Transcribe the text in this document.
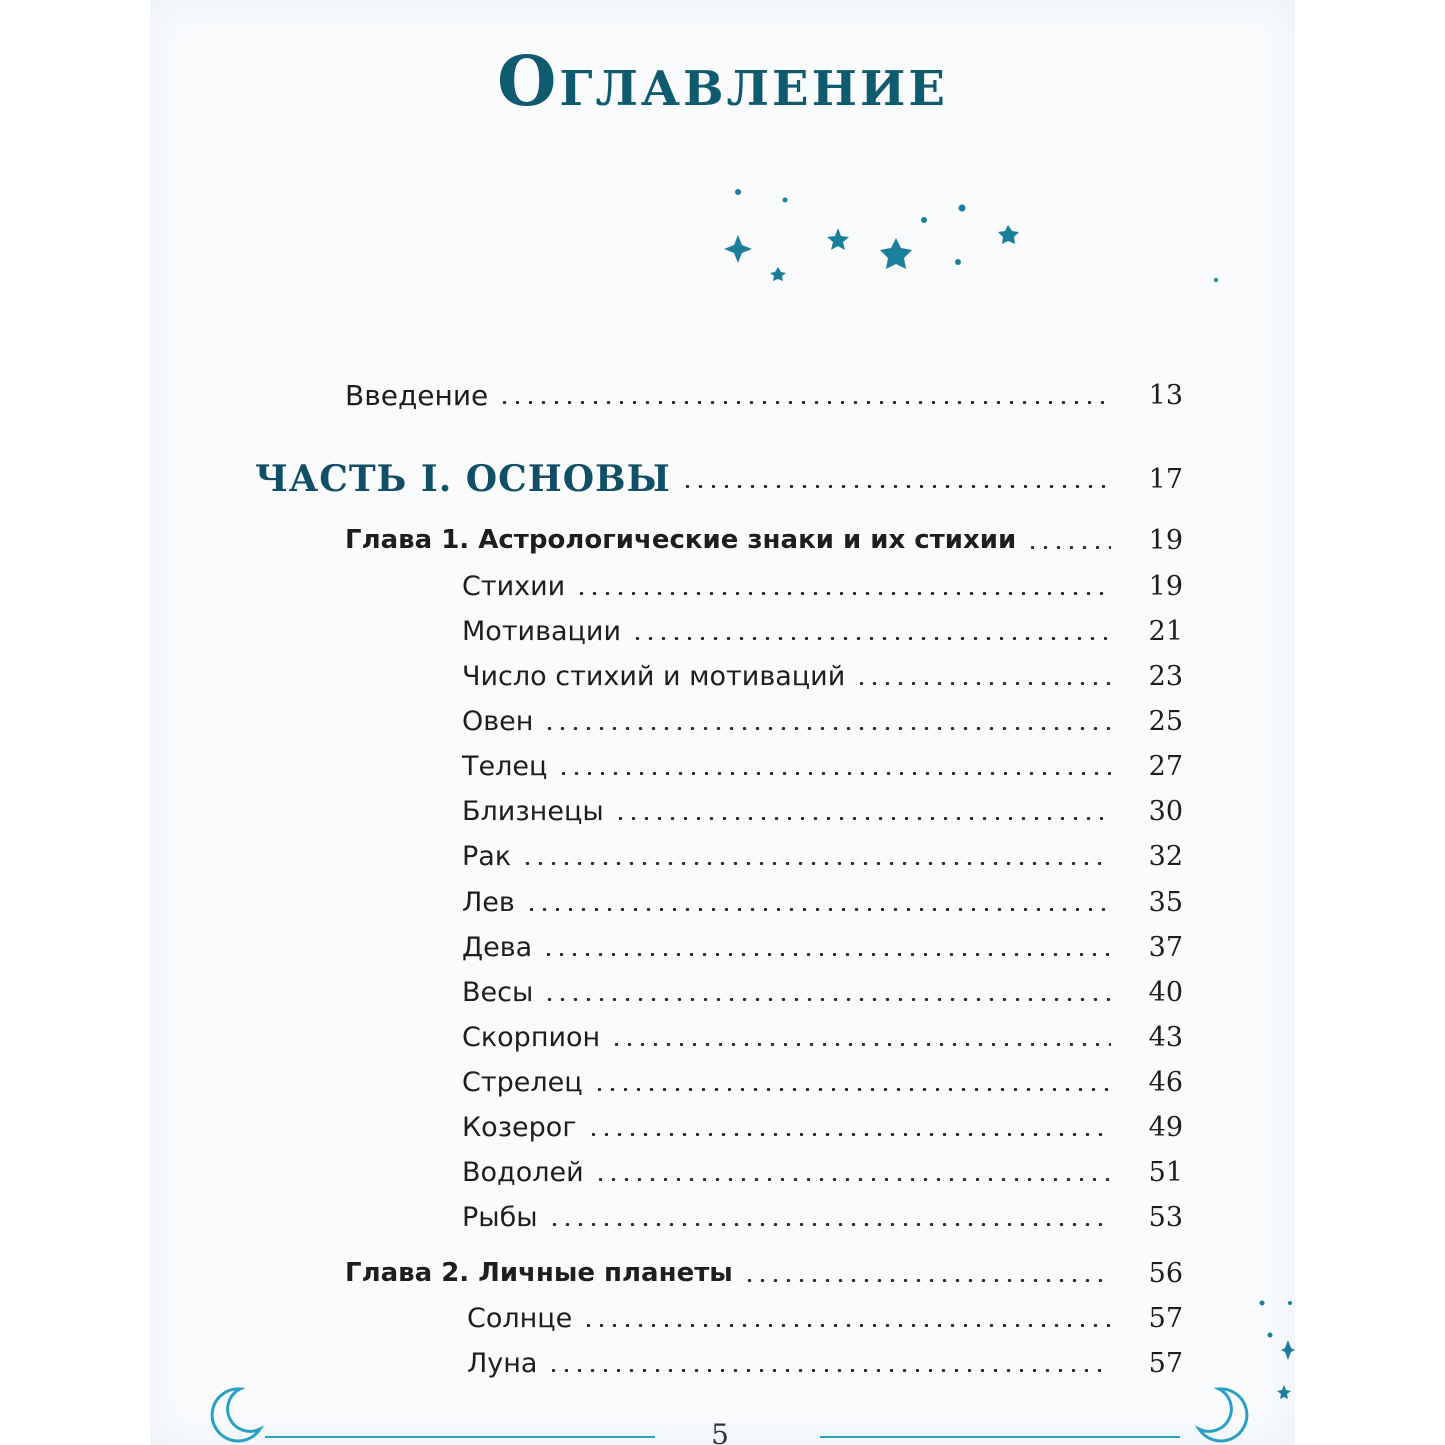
Оглавление
Введение	13
ЧАСТЬ I. ОСНОВЫ	17
Глава 1. Астрологические знаки и их стихии	19
Стихии	19
Мотивации	21
Число стихий и мотиваций	23
Овен	25
Телец	27
Близнецы	30
Рак	32
Лев	35
Дева	37
Весы	40
Скорпион	43
Стрелец	46
Козерог	49
Водолей	51
Рыбы	53
Глава 2. Личные планеты	56
Солнце	57
Луна	57
5
